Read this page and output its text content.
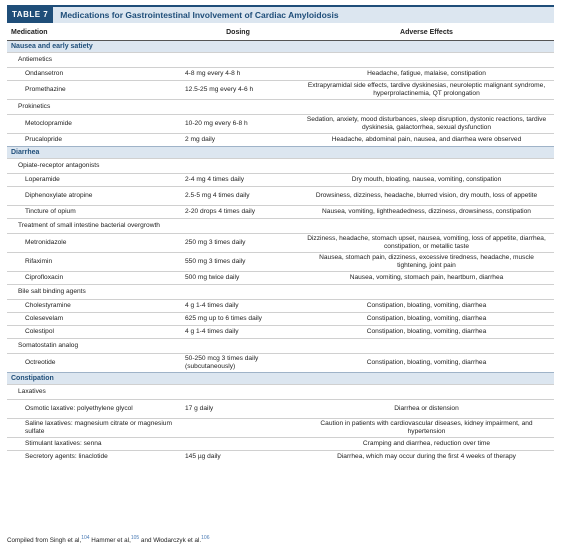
TABLE 7	Medications for Gastrointestinal Involvement of Cardiac Amyloidosis
Medication	Dosing	Adverse Effects
Nausea and early satiety		
Antiemetics		
Ondansetron	4-8 mg every 4-8 h	Headache, fatigue, malaise, constipation
Promethazine	12.5-25 mg every 4-6 h	Extrapyramidal side effects, tardive dyskinesias, neuroleptic malignant syndrome, hyperprolactinemia, QT prolongation
Prokinetics		
Metoclopramide	10-20 mg every 6-8 h	Sedation, anxiety, mood disturbances, sleep disruption, dystonic reactions, tardive dyskinesia, galactorrhea, sexual dysfunction
Prucalopride	2 mg daily	Headache, abdominal pain, nausea, and diarrhea were observed
Diarrhea		
Opiate-receptor antagonists		
Loperamide	2-4 mg 4 times daily	Dry mouth, bloating, nausea, vomiting, constipation
Diphenoxylate atropine	2.5-5 mg 4 times daily	Drowsiness, dizziness, headache, blurred vision, dry mouth, loss of appetite
Tincture of opium	2-20 drops 4 times daily	Nausea, vomiting, lightheadedness, dizziness, drowsiness, constipation
Treatment of small intestine bacterial overgrowth		
Metronidazole	250 mg 3 times daily	Dizziness, headache, stomach upset, nausea, vomiting, loss of appetite, diarrhea, constipation, or metallic taste
Rifaximin	550 mg 3 times daily	Nausea, stomach pain, dizziness, excessive tiredness, headache, muscle tightening, joint pain
Ciprofloxacin	500 mg twice daily	Nausea, vomiting, stomach pain, heartburn, diarrhea
Bile salt binding agents		
Cholestyramine	4 g 1-4 times daily	Constipation, bloating, vomiting, diarrhea
Colesevelam	625 mg up to 6 times daily	Constipation, bloating, vomiting, diarrhea
Colestipol	4 g 1-4 times daily	Constipation, bloating, vomiting, diarrhea
Somatostatin analog		
Octreotide	50-250 mcg 3 times daily (subcutaneously)	Constipation, bloating, vomiting, diarrhea
Constipation		
Laxatives		
Osmotic laxative: polyethylene glycol	17 g daily	Diarrhea or distension
Saline laxatives: magnesium citrate or magnesium sulfate		Caution in patients with cardiovascular diseases, kidney impairment, and hypertension
Stimulant laxatives: senna		Cramping and diarrhea, reduction over time
Secretory agents: linaclotide	145 µg daily	Diarrhea, which may occur during the first 4 weeks of therapy
Compiled from Singh et al,$^{104}$ Hammer et al,$^{105}$ and Włodarczyk et al.$^{106}$
